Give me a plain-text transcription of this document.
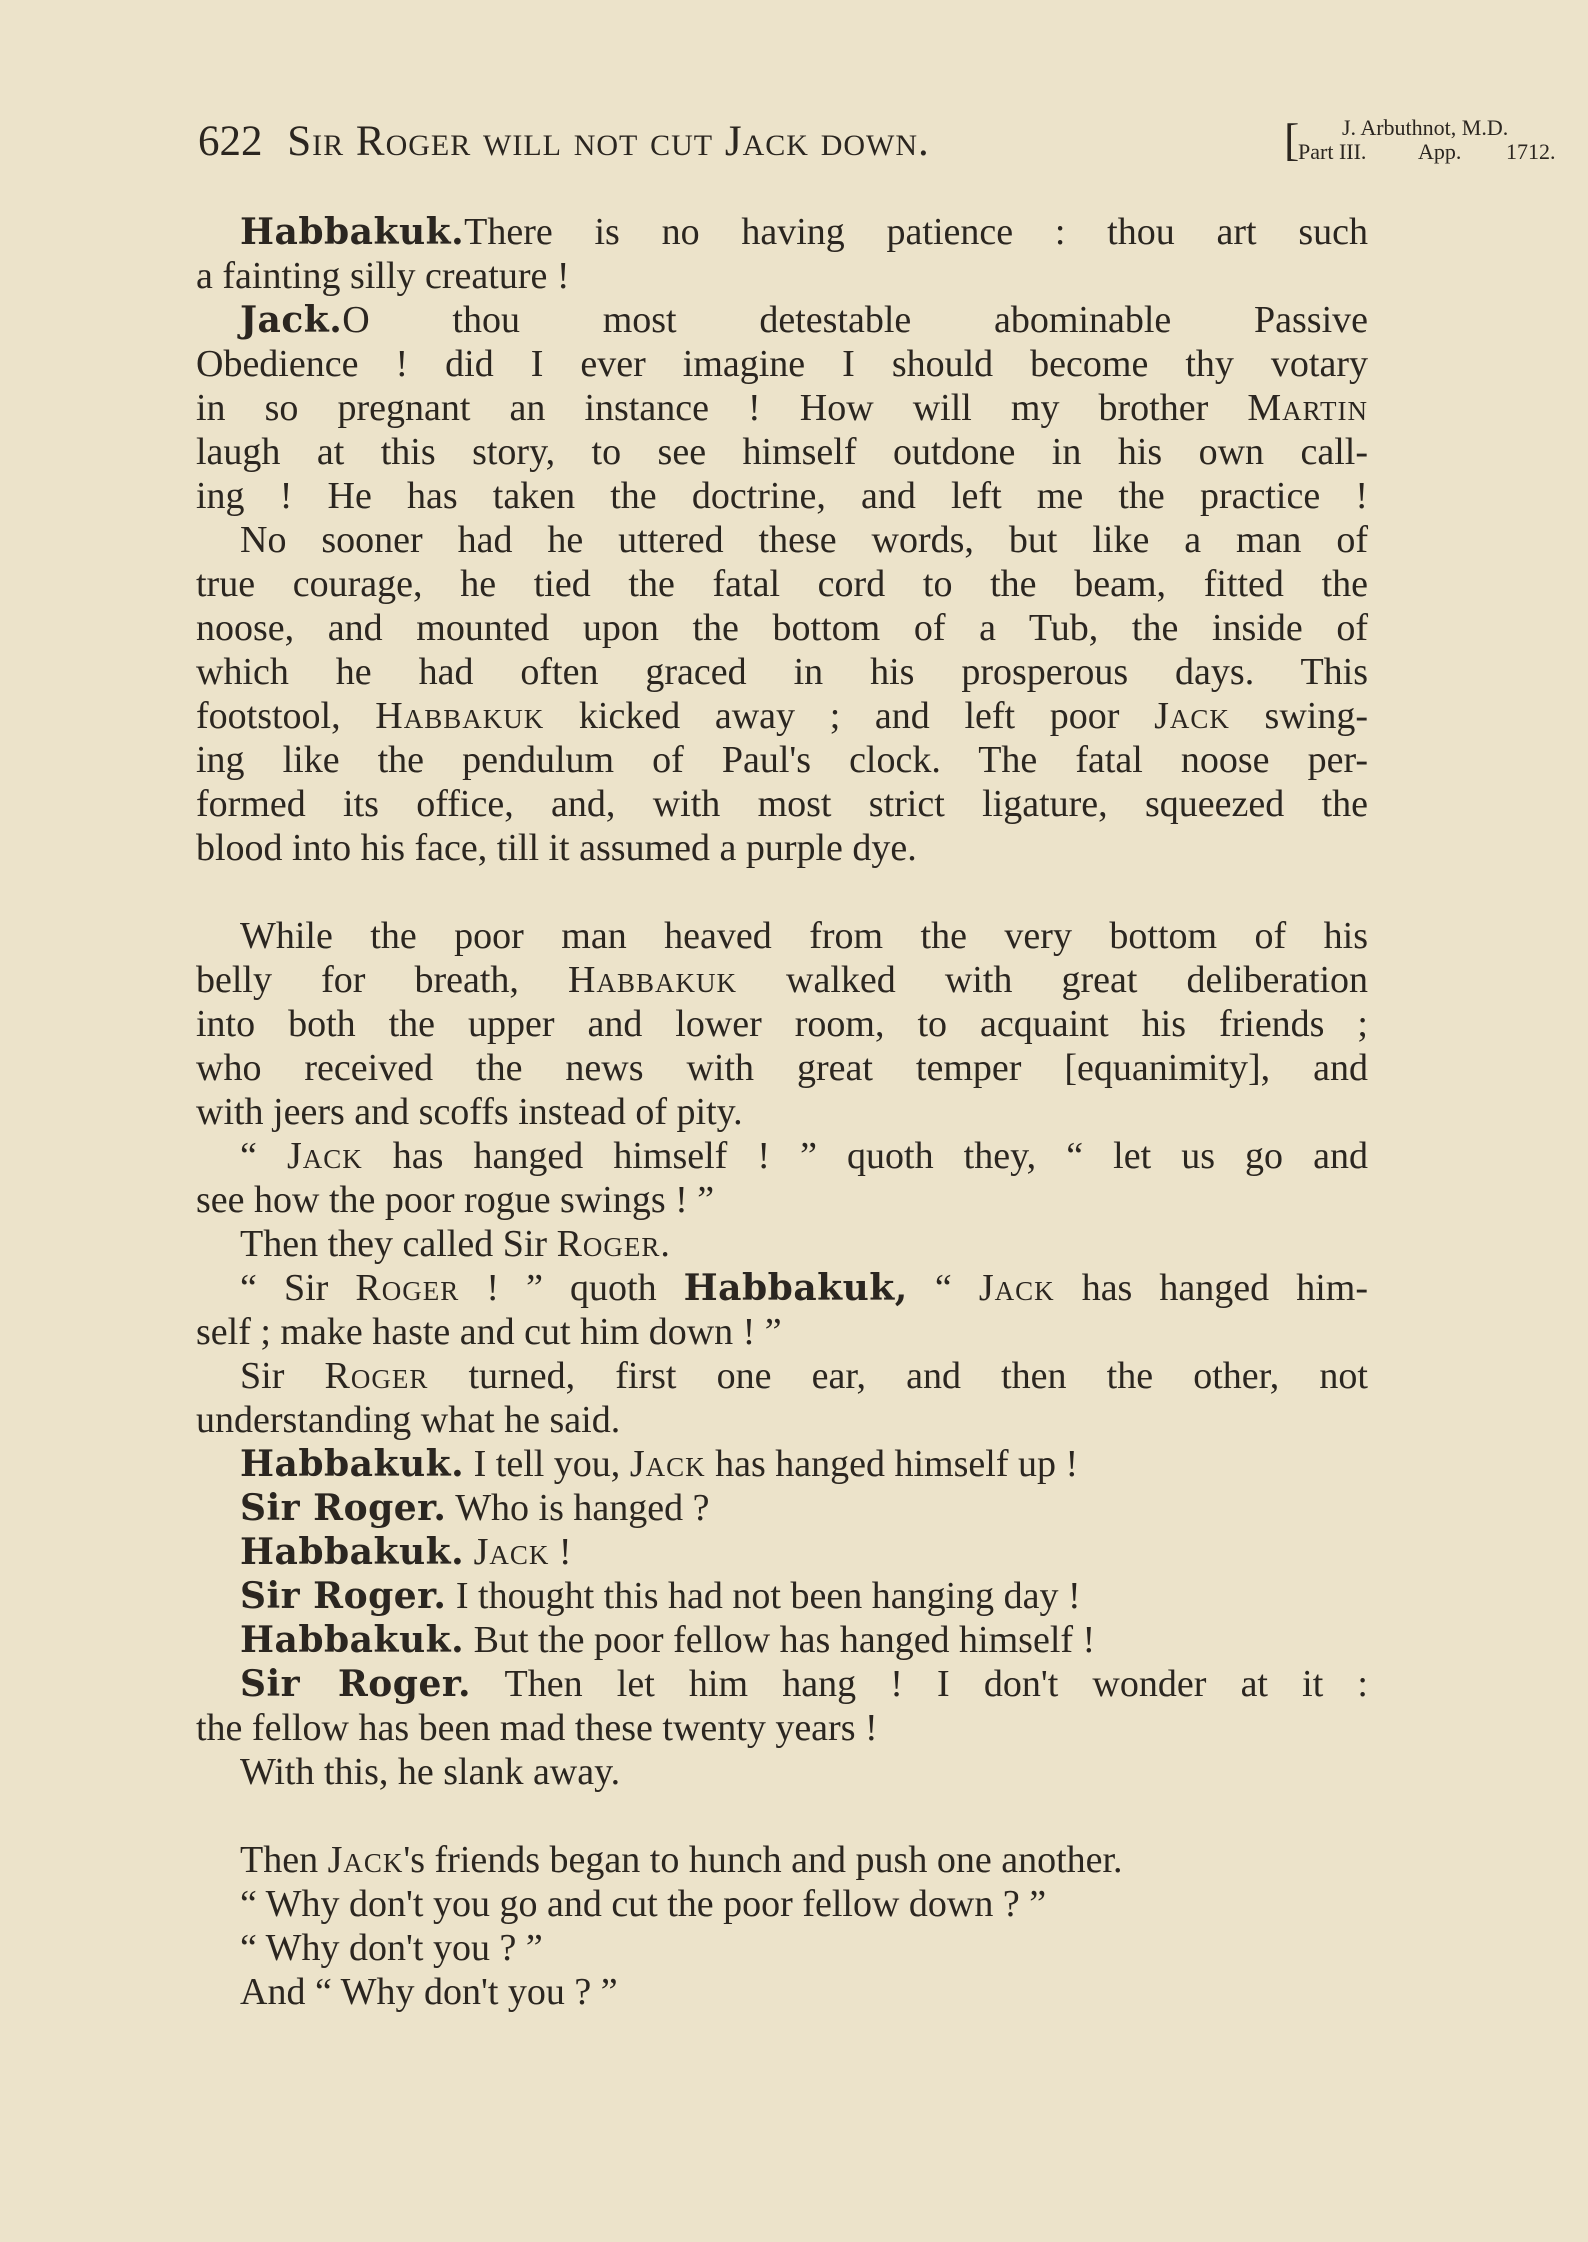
622 Sir Roger will not cut Jack down.	[ J. Arbuthnot, M.D.
Part III. App. 1712.
Habbakuk.There is no having patience : thou art such
a fainting silly creature !
Jack.O thou most detestable abominable Passive
Obedience ! did I ever imagine I should become thy votary
in so pregnant an instance ! How will my brother Martin
laugh at this story, to see himself outdone in his own call-
ing ! He has taken the doctrine, and left me the practice !
No sooner had he uttered these words, but like a man of
true courage, he tied the fatal cord to the beam, fitted the
noose, and mounted upon the bottom of a Tub, the inside of
which he had often graced in his prosperous days. This
footstool, Habbakuk kicked away ; and left poor Jack swing-
ing like the pendulum of Paul's clock. The fatal noose per-
formed its office, and, with most strict ligature, squeezed the
blood into his face, till it assumed a purple dye.
While the poor man heaved from the very bottom of his
belly for breath, Habbakuk walked with great deliberation
into both the upper and lower room, to acquaint his friends ;
who received the news with great temper [equanimity], and
with jeers and scoffs instead of pity.
“ Jack has hanged himself ! ” quoth they, “ let us go and
see how the poor rogue swings ! ”
Then they called Sir Roger.
“ Sir Roger ! ” quoth Habbakuk, “ Jack has hanged him-
self ; make haste and cut him down ! ”
Sir Roger turned, first one ear, and then the other, not
understanding what he said.
Habbakuk. I tell you, Jack has hanged himself up !
Sir Roger. Who is hanged ?
Habbakuk. Jack !
Sir Roger. I thought this had not been hanging day !
Habbakuk. But the poor fellow has hanged himself !
Sir Roger. Then let him hang ! I don't wonder at it :
the fellow has been mad these twenty years !
With this, he slank away.
Then Jack's friends began to hunch and push one another.
“ Why don't you go and cut the poor fellow down ? ”
“ Why don't you ? ”
And “ Why don't you ? ”
